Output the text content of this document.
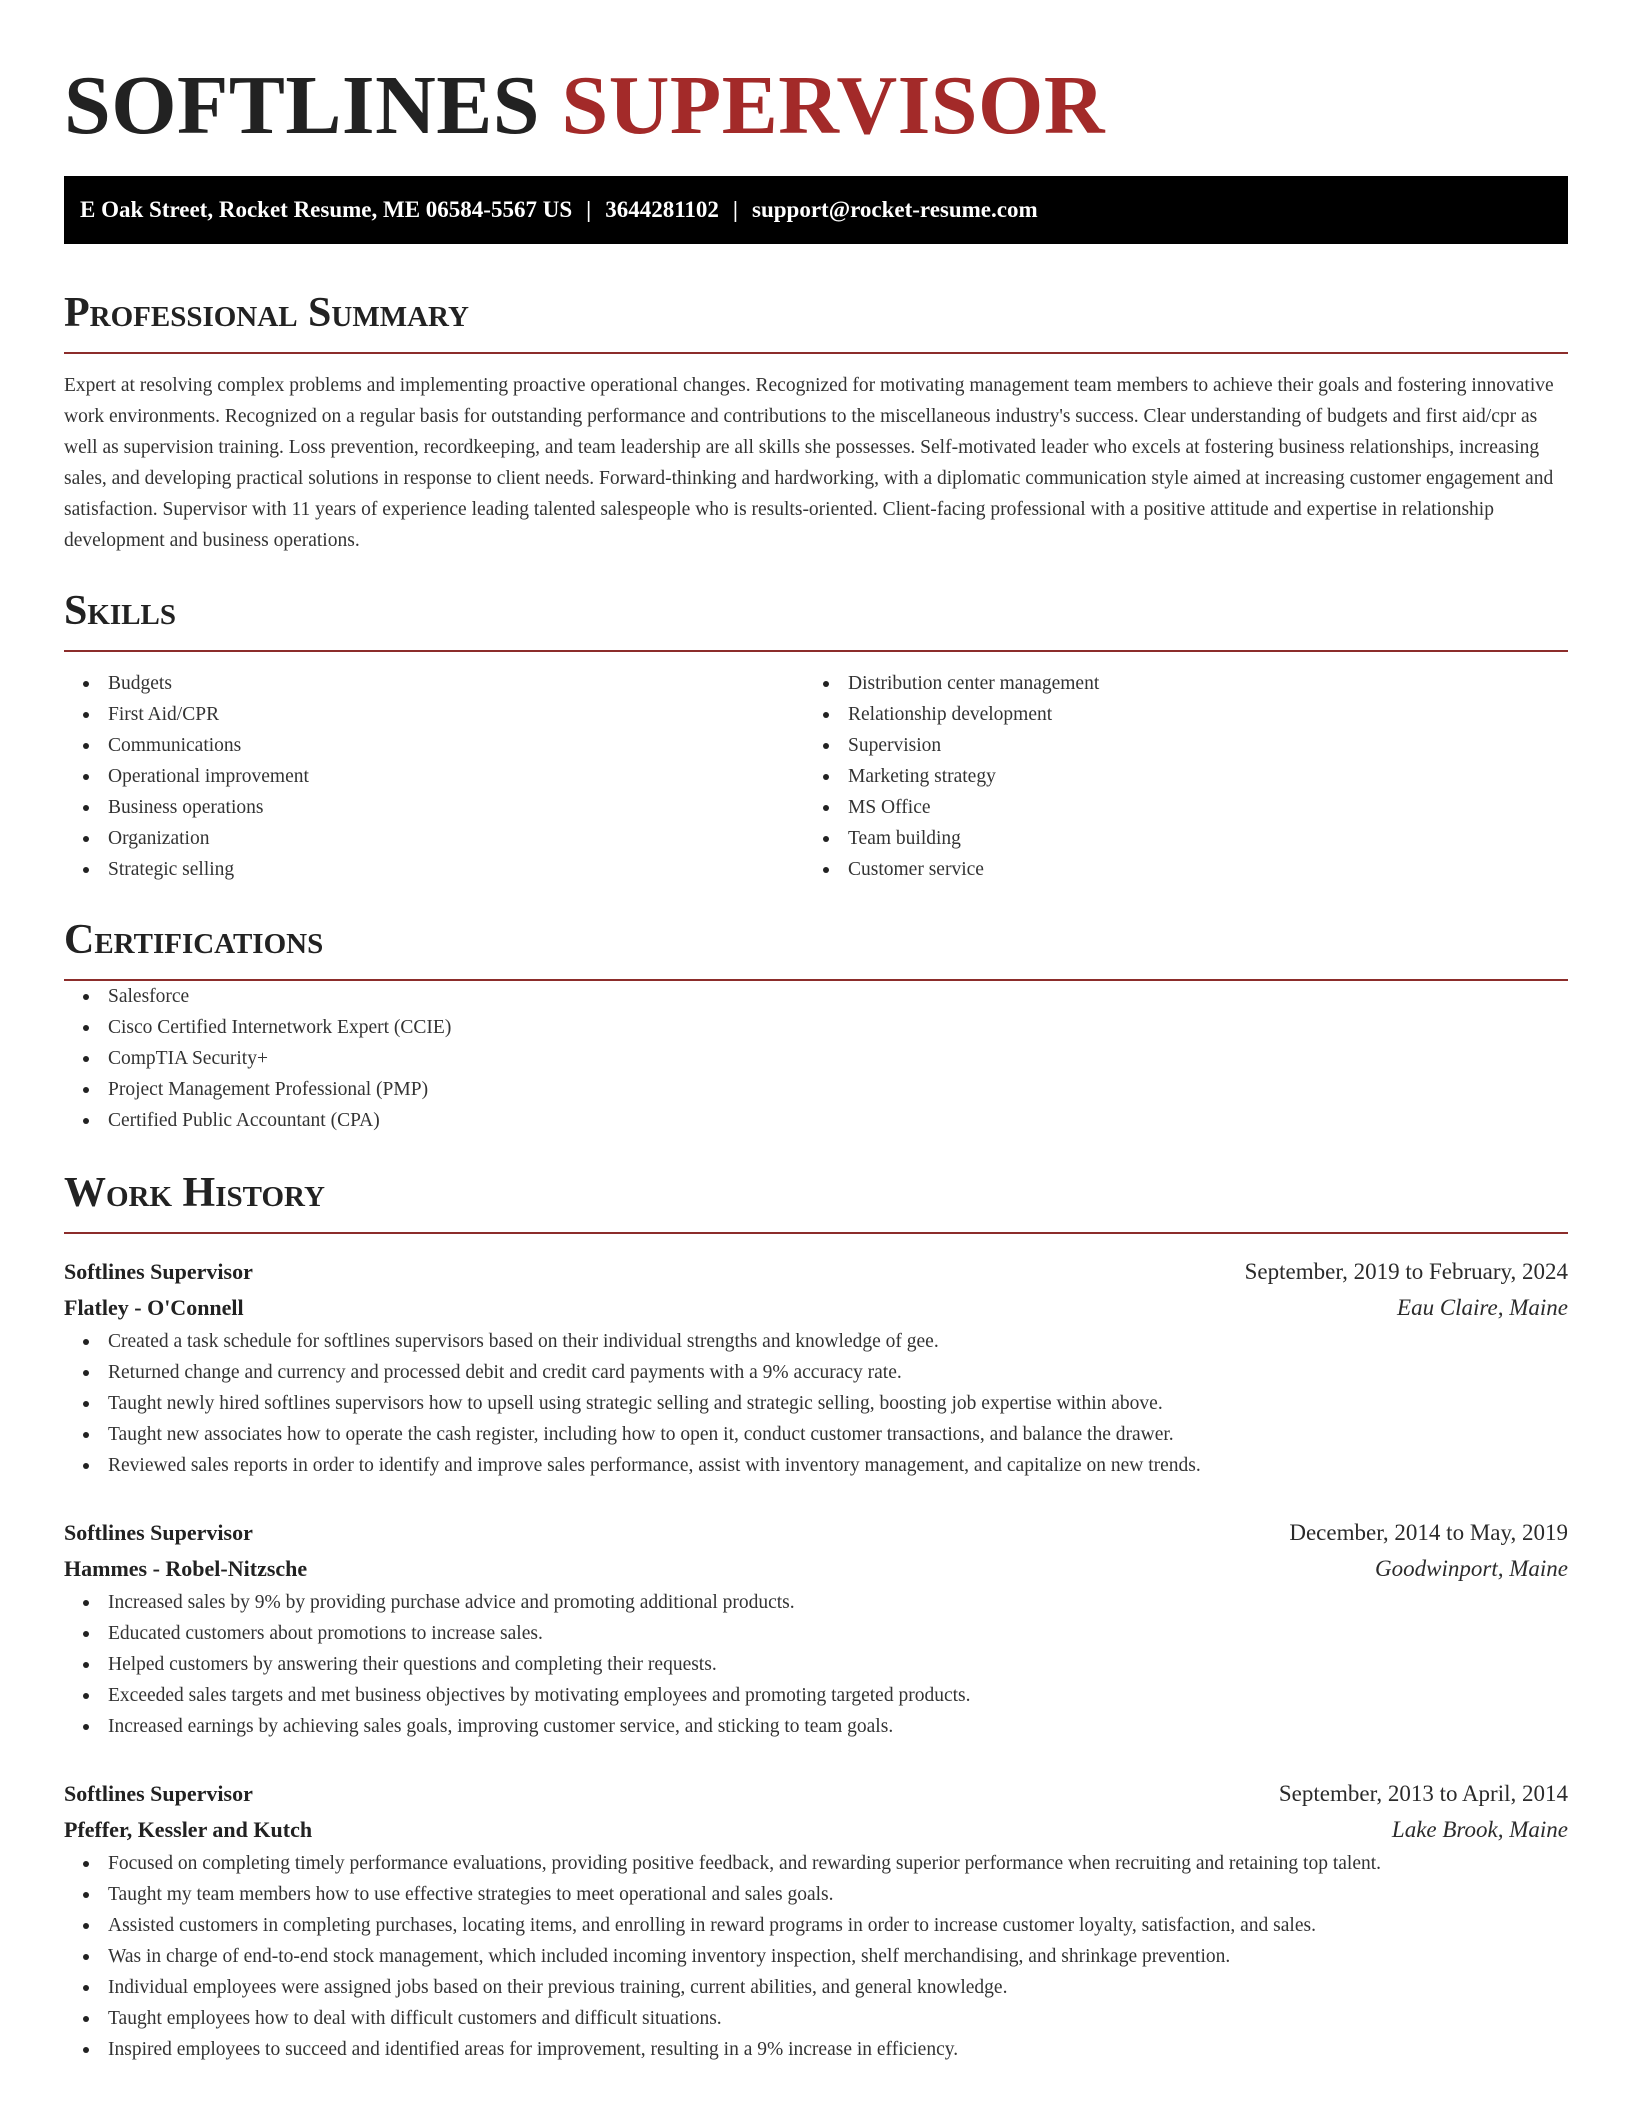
SOFTLINES SUPERVISOR
E Oak Street, Rocket Resume, ME 06584-5567 US | 3644281102 | support@rocket-resume.com
Professional Summary

Expert at resolving complex problems and implementing proactive operational changes. Recognized for motivating management team members to achieve their goals and fostering innovative work environments. Recognized on a regular basis for outstanding performance and contributions to the miscellaneous industry's success. Clear understanding of budgets and first aid/cpr as well as supervision training. Loss prevention, recordkeeping, and team leadership are all skills she possesses. Self-motivated leader who excels at fostering business relationships, increasing sales, and developing practical solutions in response to client needs. Forward-thinking and hardworking, with a diplomatic communication style aimed at increasing customer engagement and satisfaction. Supervisor with 11 years of experience leading talented salespeople who is results-oriented. Client-facing professional with a positive attitude and expertise in relationship development and business operations.

Skills
Budgets
First Aid/CPR
Communications
Operational improvement
Business operations
Organization
Strategic selling
Distribution center management
Relationship development
Supervision
Marketing strategy
MS Office
Team building
Customer service
Certifications
Salesforce
Cisco Certified Internetwork Expert (CCIE)
CompTIA Security+
Project Management Professional (PMP)
Certified Public Accountant (CPA)
Work History
Softlines Supervisor	September, 2019 to February, 2024
Flatley - O'Connell	Eau Claire, Maine
Created a task schedule for softlines supervisors based on their individual strengths and knowledge of gee.
Returned change and currency and processed debit and credit card payments with a 9% accuracy rate.
Taught newly hired softlines supervisors how to upsell using strategic selling and strategic selling, boosting job expertise within above.
Taught new associates how to operate the cash register, including how to open it, conduct customer transactions, and balance the drawer.
Reviewed sales reports in order to identify and improve sales performance, assist with inventory management, and capitalize on new trends.
Softlines Supervisor	December, 2014 to May, 2019
Hammes - Robel-Nitzsche	Goodwinport, Maine
Increased sales by 9% by providing purchase advice and promoting additional products.
Educated customers about promotions to increase sales.
Helped customers by answering their questions and completing their requests.
Exceeded sales targets and met business objectives by motivating employees and promoting targeted products.
Increased earnings by achieving sales goals, improving customer service, and sticking to team goals.
Softlines Supervisor	September, 2013 to April, 2014
Pfeffer, Kessler and Kutch	Lake Brook, Maine
Focused on completing timely performance evaluations, providing positive feedback, and rewarding superior performance when recruiting and retaining top talent.
Taught my team members how to use effective strategies to meet operational and sales goals.
Assisted customers in completing purchases, locating items, and enrolling in reward programs in order to increase customer loyalty, satisfaction, and sales.
Was in charge of end-to-end stock management, which included incoming inventory inspection, shelf merchandising, and shrinkage prevention.
Individual employees were assigned jobs based on their previous training, current abilities, and general knowledge.
Taught employees how to deal with difficult customers and difficult situations.
Inspired employees to succeed and identified areas for improvement, resulting in a 9% increase in efficiency.
